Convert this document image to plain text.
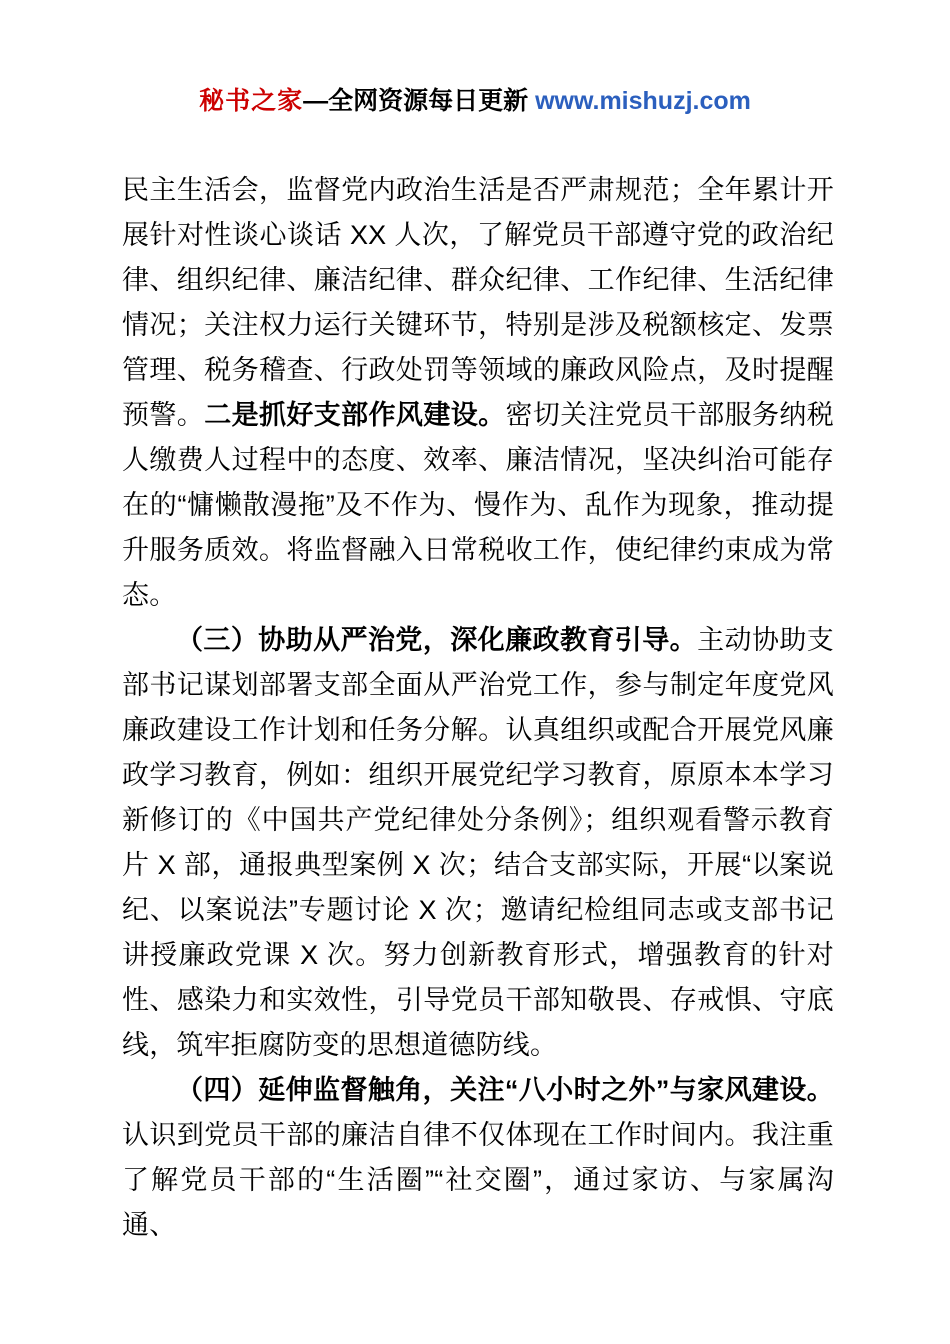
秘书之家—全网资源每日更新 www.mishuzj.com

民主生活会，监督党内政治生活是否严肃规范；全年累计开展针对性谈心谈话 XX 人次，了解党员干部遵守党的政治纪律、组织纪律、廉洁纪律、群众纪律、工作纪律、生活纪律情况；关注权力运行关键环节，特别是涉及税额核定、发票管理、税务稽查、行政处罚等领域的廉政风险点，及时提醒预警。二是抓好支部作风建设。密切关注党员干部服务纳税人缴费人过程中的态度、效率、廉洁情况，坚决纠治可能存在的“慵懒散漫拖”及不作为、慢作为、乱作为现象，推动提升服务质效。将监督融入日常税收工作，使纪律约束成为常态。

（三）协助从严治党，深化廉政教育引导。主动协助支部书记谋划部署支部全面从严治党工作，参与制定年度党风廉政建设工作计划和任务分解。认真组织或配合开展党风廉政学习教育，例如：组织开展党纪学习教育，原原本本学习新修订的《中国共产党纪律处分条例》；组织观看警示教育片 X 部，通报典型案例 X 次；结合支部实际，开展“以案说纪、以案说法”专题讨论 X 次；邀请纪检组同志或支部书记讲授廉政党课 X 次。努力创新教育形式，增强教育的针对性、感染力和实效性，引导党员干部知敬畏、存戒惧、守底线，筑牢拒腐防变的思想道德防线。

（四）延伸监督触角，关注“八小时之外”与家风建设。认识到党员干部的廉洁自律不仅体现在工作时间内。我注重了解党员干部的“生活圈”“社交圈”，通过家访、与家属沟通、
